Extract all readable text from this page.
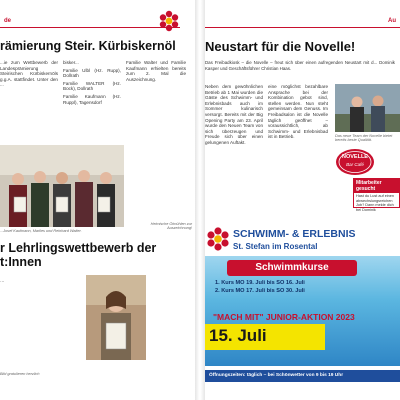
de
rämierung Steir. Kürbiskernöl

...ie zum Wettbewerb der Landesprämierung Steirischen Kürbiskernöls g.g.A. stattfindet. Unter den ...

bisker...

Familie Ulbl (Hz. Rupp), Dollrath

Familie WALTER (Hz. Bock), Dollrath

Familie Kaufmann (Hz. Ruppl), Tagensdorf

Familie Walter und Familie Kaufmann erhielten bereits zum 2. Mal die Auszeichnung.

...Josef Kaufmann, Marlies und Reinhard Walter.
Heimische Ölmühlen zur Auszeichnung!
r Lehrlingswettbewerb der
t:Innen

…

Bild gratulieren herzlich
Au
Neustart für die Novelle!
Das Freibadkiosk – die Novelle – freut sich über einen aufregenden Neustart mit d... Dominik Kasper und Geschäftsführer Christian Haas.

Neben dem gewöhnlichen Betrieb ab 1 Mai wurden die Gäste des Schwimm- und Erlebnisbads auch im Sommer kulinarisch versorgt. Bereits mit der Big Opening Party am 23. April wurde den Neuen Team von sich überzeugen und Freude sich über einen gelungenen Auftakt.

eine möglichst bezahlbare Ansprache bei der Kombination gebot sind, stellen werden. Nun steht gemeinsam dem Genuss. Im Freibadsalon ist die Novelle täglich geöffnet – voraussichtlich, ab Schwimm- und Erlebnisbad ist in Betrieb.	Das neue Team der Novelle bietet bereits beste Qualität.
NOVELLE
Bar Café
Mitarbeiter gesucht
Hast du Lust auf einen abwechslungsreichen Job? Dann melde dich bei Dominik
SCHWIMM- & ERLEBNIS
St. Stefan im Rosental
Schwimmkurse
1. Kurs MO 19. Juli bis SO 16. Juli
2. Kurs MO 17. Juli bis SO 30. Juli
"MACH MIT" JUNIOR-AKTION 2023
15. Juli
Öffnungszeiten: täglich – bei Schönwetter von 9 bis 19 Uhr
